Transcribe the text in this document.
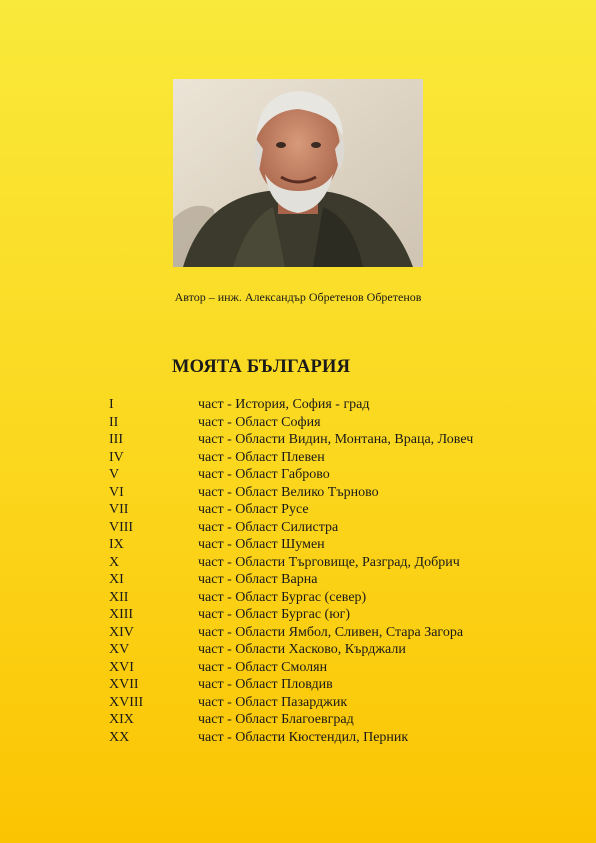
Автор – инж. Александър Обретенов Обретенов
МОЯТА БЪЛГАРИЯ
I	част - История, София - град
II	част - Област София
III	част - Области Видин, Монтана, Враца, Ловеч
IV	част - Област Плевен
V	част - Област Габрово
VI	част - Област Велико Търново
VII	част - Област Русе
VIII	част - Област Силистра
IX	част - Област Шумен
X	част - Области Търговище, Разград, Добрич
XI	част - Област Варна
XII	част - Област Бургас (север)
XIII	част - Област Бургас (юг)
XIV	част - Области Ямбол, Сливен, Стара Загора
XV	част - Области Хасково, Кърджали
XVI	част - Област Смолян
XVII	част - Област Пловдив
XVIII	част - Област Пазарджик
XIX	част - Област Благоевград
XX	част - Области Кюстендил, Перник
